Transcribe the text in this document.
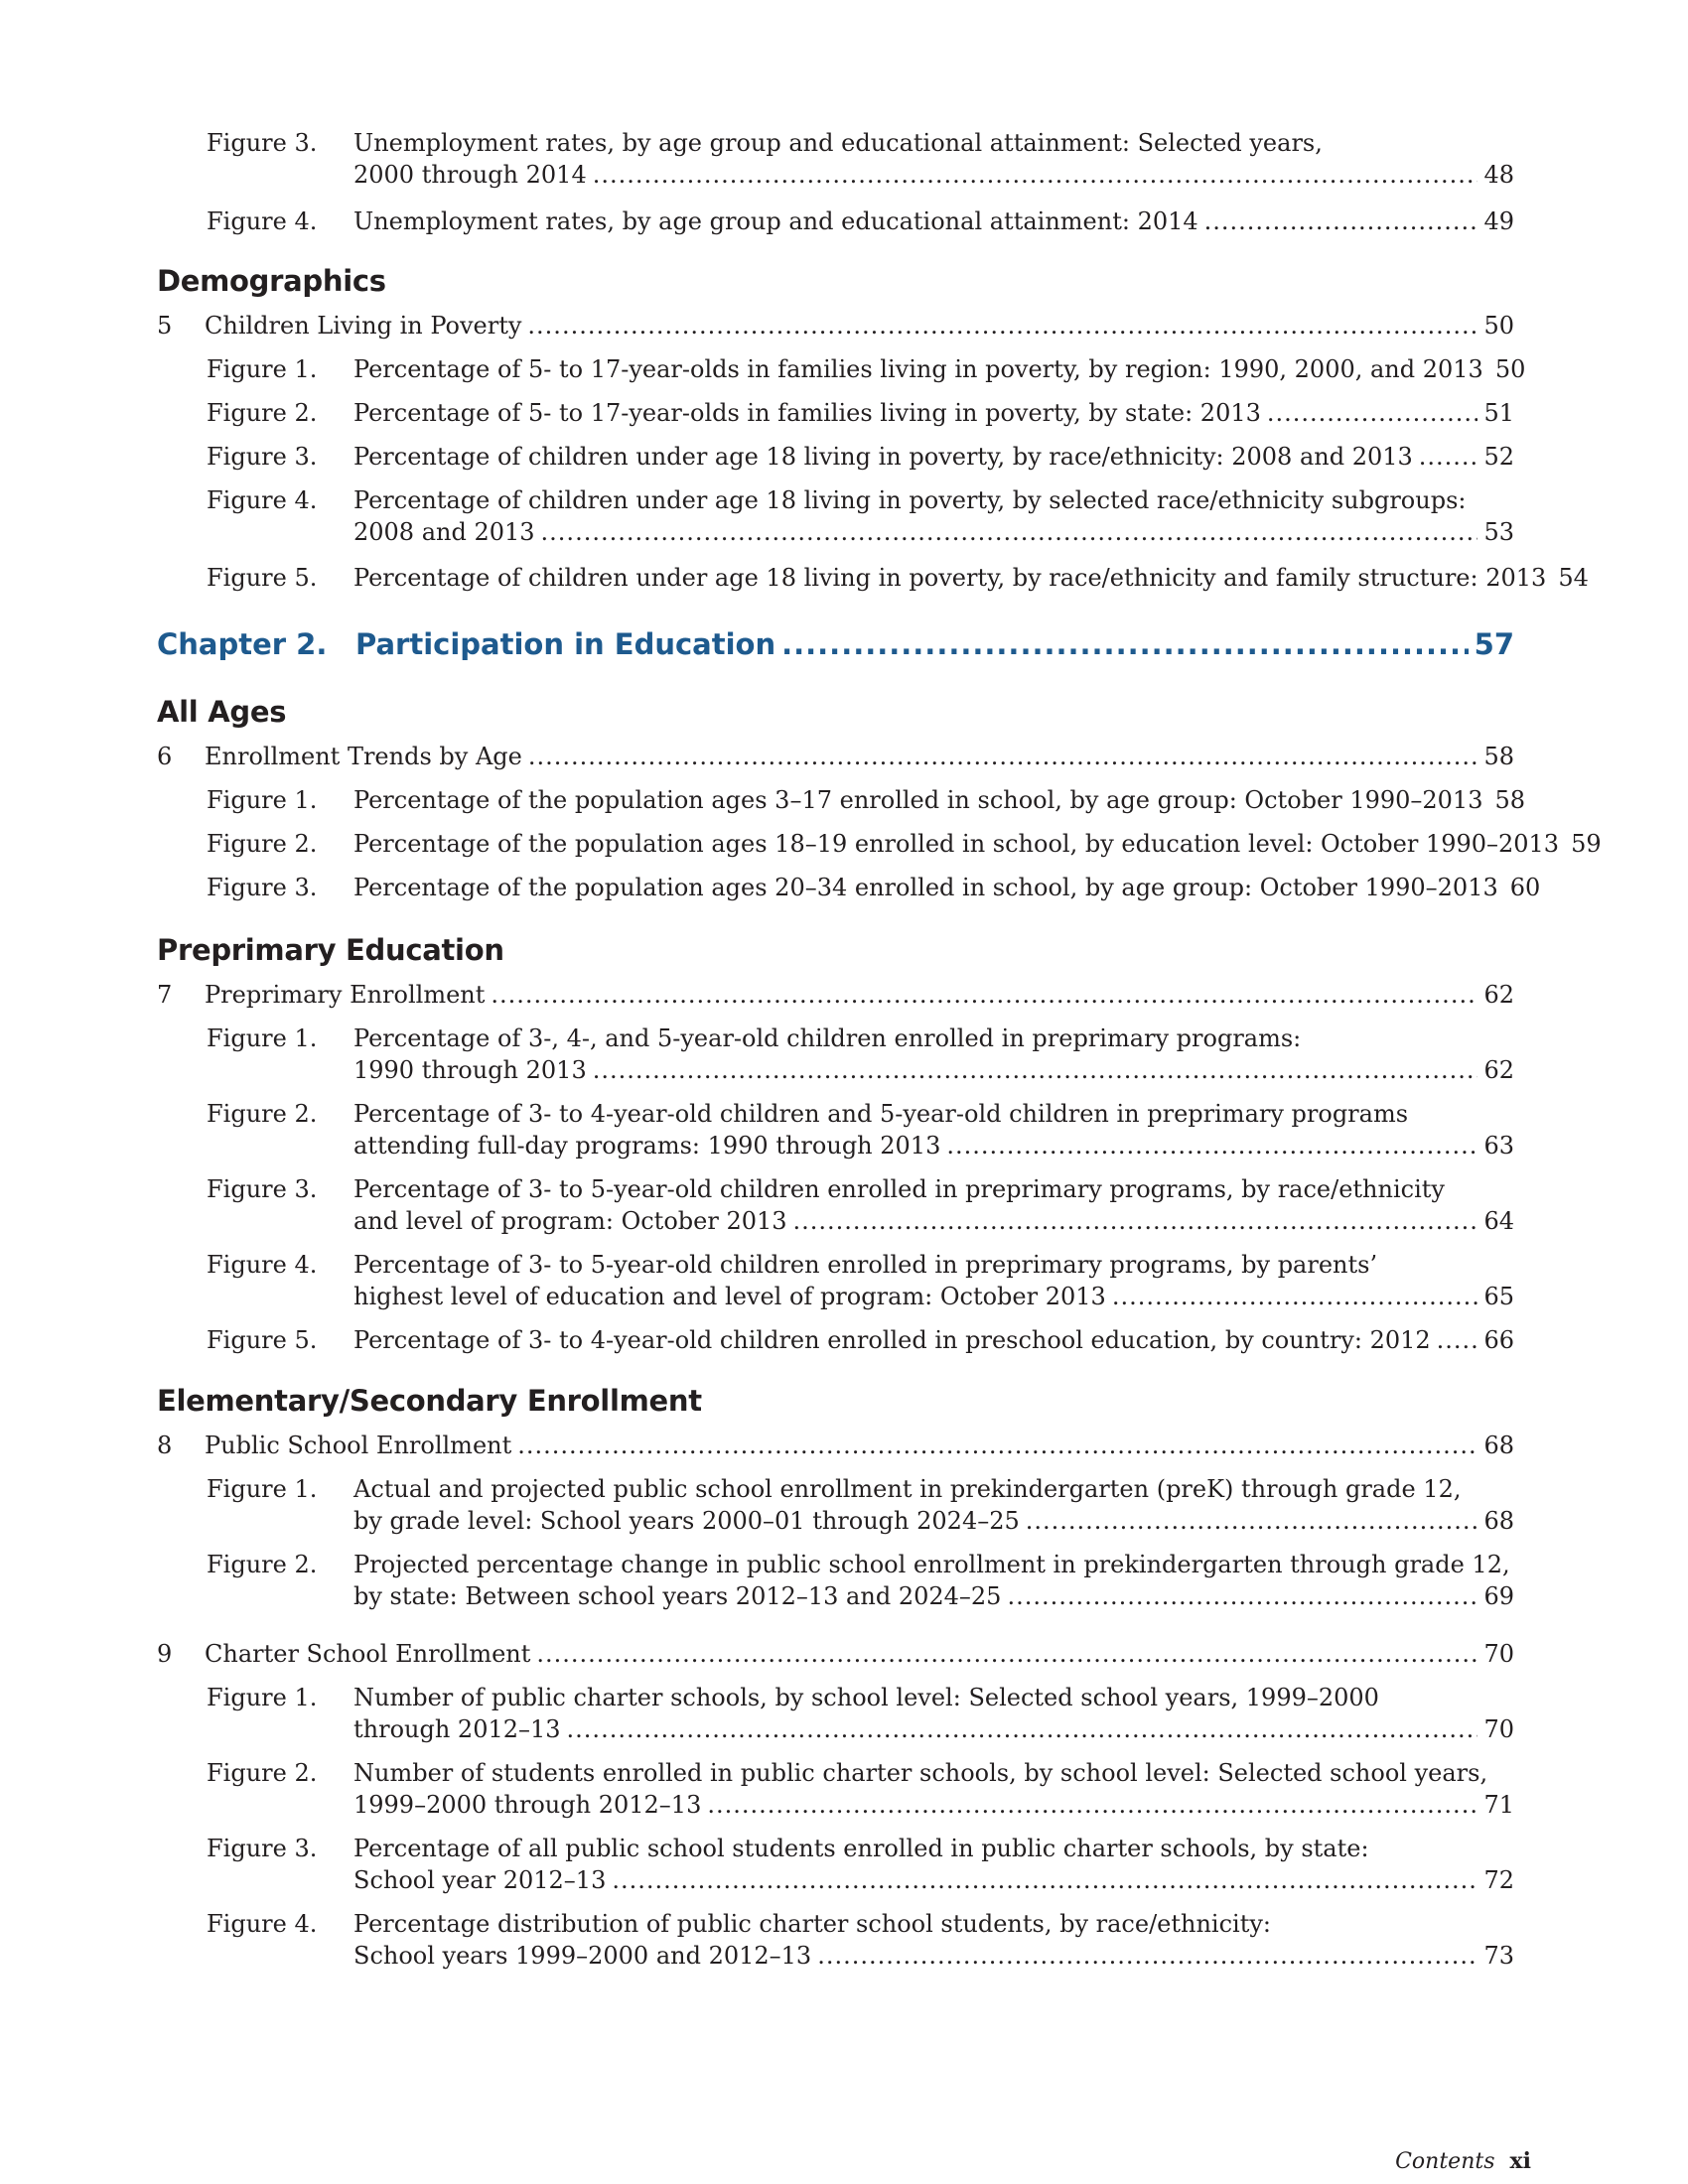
Figure 3.	Unemployment rates, by age group and educational attainment: Selected years,
2000 through 2014 .....	48
Figure 4.	Unemployment rates, by age group and educational attainment: 2014 .....	49
Demographics
5	Children Living in Poverty .....	50
Figure 1.	Percentage of 5- to 17-year-olds in families living in poverty, by region: 1990, 2000, and 2013 50
Figure 2.	Percentage of 5- to 17-year-olds in families living in poverty, by state: 2013 .....	51
Figure 3.	Percentage of children under age 18 living in poverty, by race/ethnicity: 2008 and 2013 .....	52
Figure 4.	Percentage of children under age 18 living in poverty, by selected race/ethnicity subgroups:
2008 and 2013 .....	53
Figure 5.	Percentage of children under age 18 living in poverty, by race/ethnicity and family structure: 2013 54
Chapter 2. Participation in Education .....	57
All Ages
6	Enrollment Trends by Age .....	58
Figure 1.	Percentage of the population ages 3–17 enrolled in school, by age group: October 1990–2013 58
Figure 2.	Percentage of the population ages 18–19 enrolled in school, by education level: October 1990–2013 59
Figure 3.	Percentage of the population ages 20–34 enrolled in school, by age group: October 1990–2013 60
Preprimary Education
7	Preprimary Enrollment .....	62
Figure 1.	Percentage of 3-, 4-, and 5-year-old children enrolled in preprimary programs:
1990 through 2013 .....	62
Figure 2.	Percentage of 3- to 4-year-old children and 5-year-old children in preprimary programs
attending full-day programs: 1990 through 2013 .....	63
Figure 3.	Percentage of 3- to 5-year-old children enrolled in preprimary programs, by race/ethnicity
and level of program: October 2013 .....	64
Figure 4.	Percentage of 3- to 5-year-old children enrolled in preprimary programs, by parents’
highest level of education and level of program: October 2013 .....	65
Figure 5.	Percentage of 3- to 4-year-old children enrolled in preschool education, by country: 2012 ..... 66
Elementary/Secondary Enrollment
8	Public School Enrollment .....	68
Figure 1.	Actual and projected public school enrollment in prekindergarten (preK) through grade 12,
by grade level: School years 2000–01 through 2024–25 .....	68
Figure 2.	Projected percentage change in public school enrollment in prekindergarten through grade 12,
by state: Between school years 2012–13 and 2024–25 .....	69
9	Charter School Enrollment .....	70
Figure 1.	Number of public charter schools, by school level: Selected school years, 1999–2000
through 2012–13 .....	70
Figure 2.	Number of students enrolled in public charter schools, by school level: Selected school years,
1999–2000 through 2012–13 .....	71
Figure 3.	Percentage of all public school students enrolled in public charter schools, by state:
School year 2012–13 .....	72
Figure 4.	Percentage distribution of public charter school students, by race/ethnicity:
School years 1999–2000 and 2012–13 .....	73
Contents xi
